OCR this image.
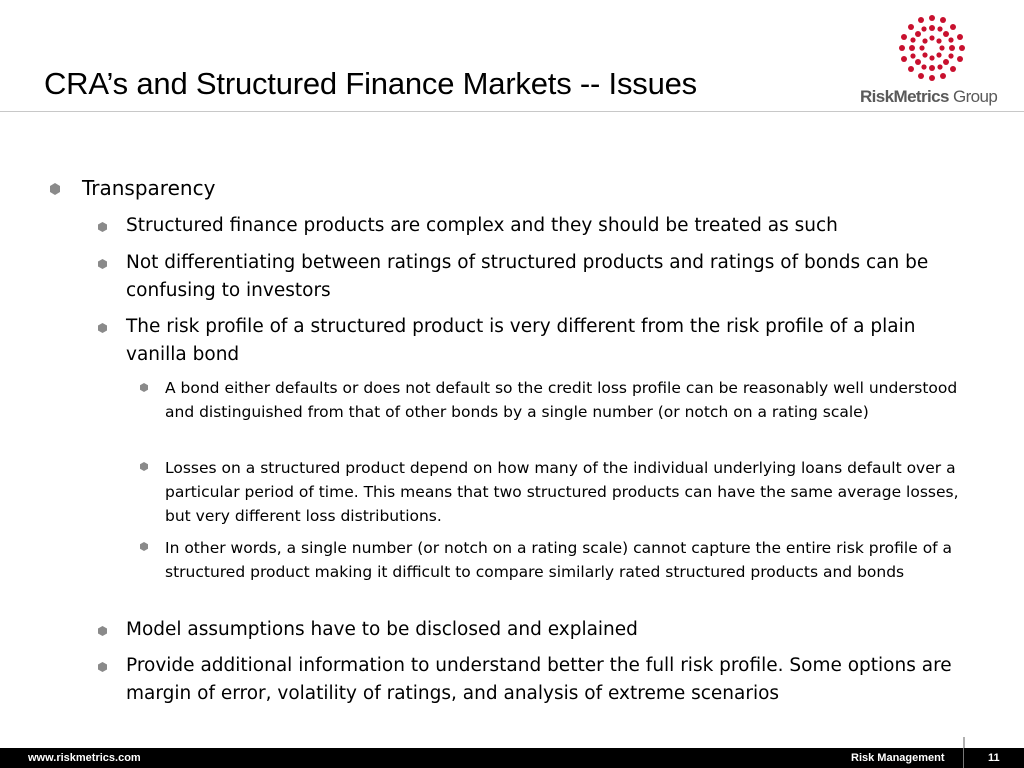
CRA’s and Structured Finance Markets -- Issues	RiskMetrics Group
Transparency
Structured finance products are complex and they should be treated as such
Not differentiating between ratings of structured products and ratings of bonds can be confusing to investors
The risk profile of a structured product is very different from the risk profile of a plain vanilla bond
A bond either defaults or does not default so the credit loss profile can be reasonably well understood and distinguished from that of other bonds by a single number (or notch on a rating scale)
Losses on a structured product depend on how many of the individual underlying loans default over a particular period of time. This means that two structured products can have the same average losses, but very different loss distributions.
In other words, a single number (or notch on a rating scale) cannot capture the entire risk profile of a structured product making it difficult to compare similarly rated structured products and bonds
Model assumptions have to be disclosed and explained
Provide additional information to understand better the full risk profile. Some options are margin of error, volatility of ratings, and analysis of extreme scenarios
www.riskmetrics.com	Risk Management	11
